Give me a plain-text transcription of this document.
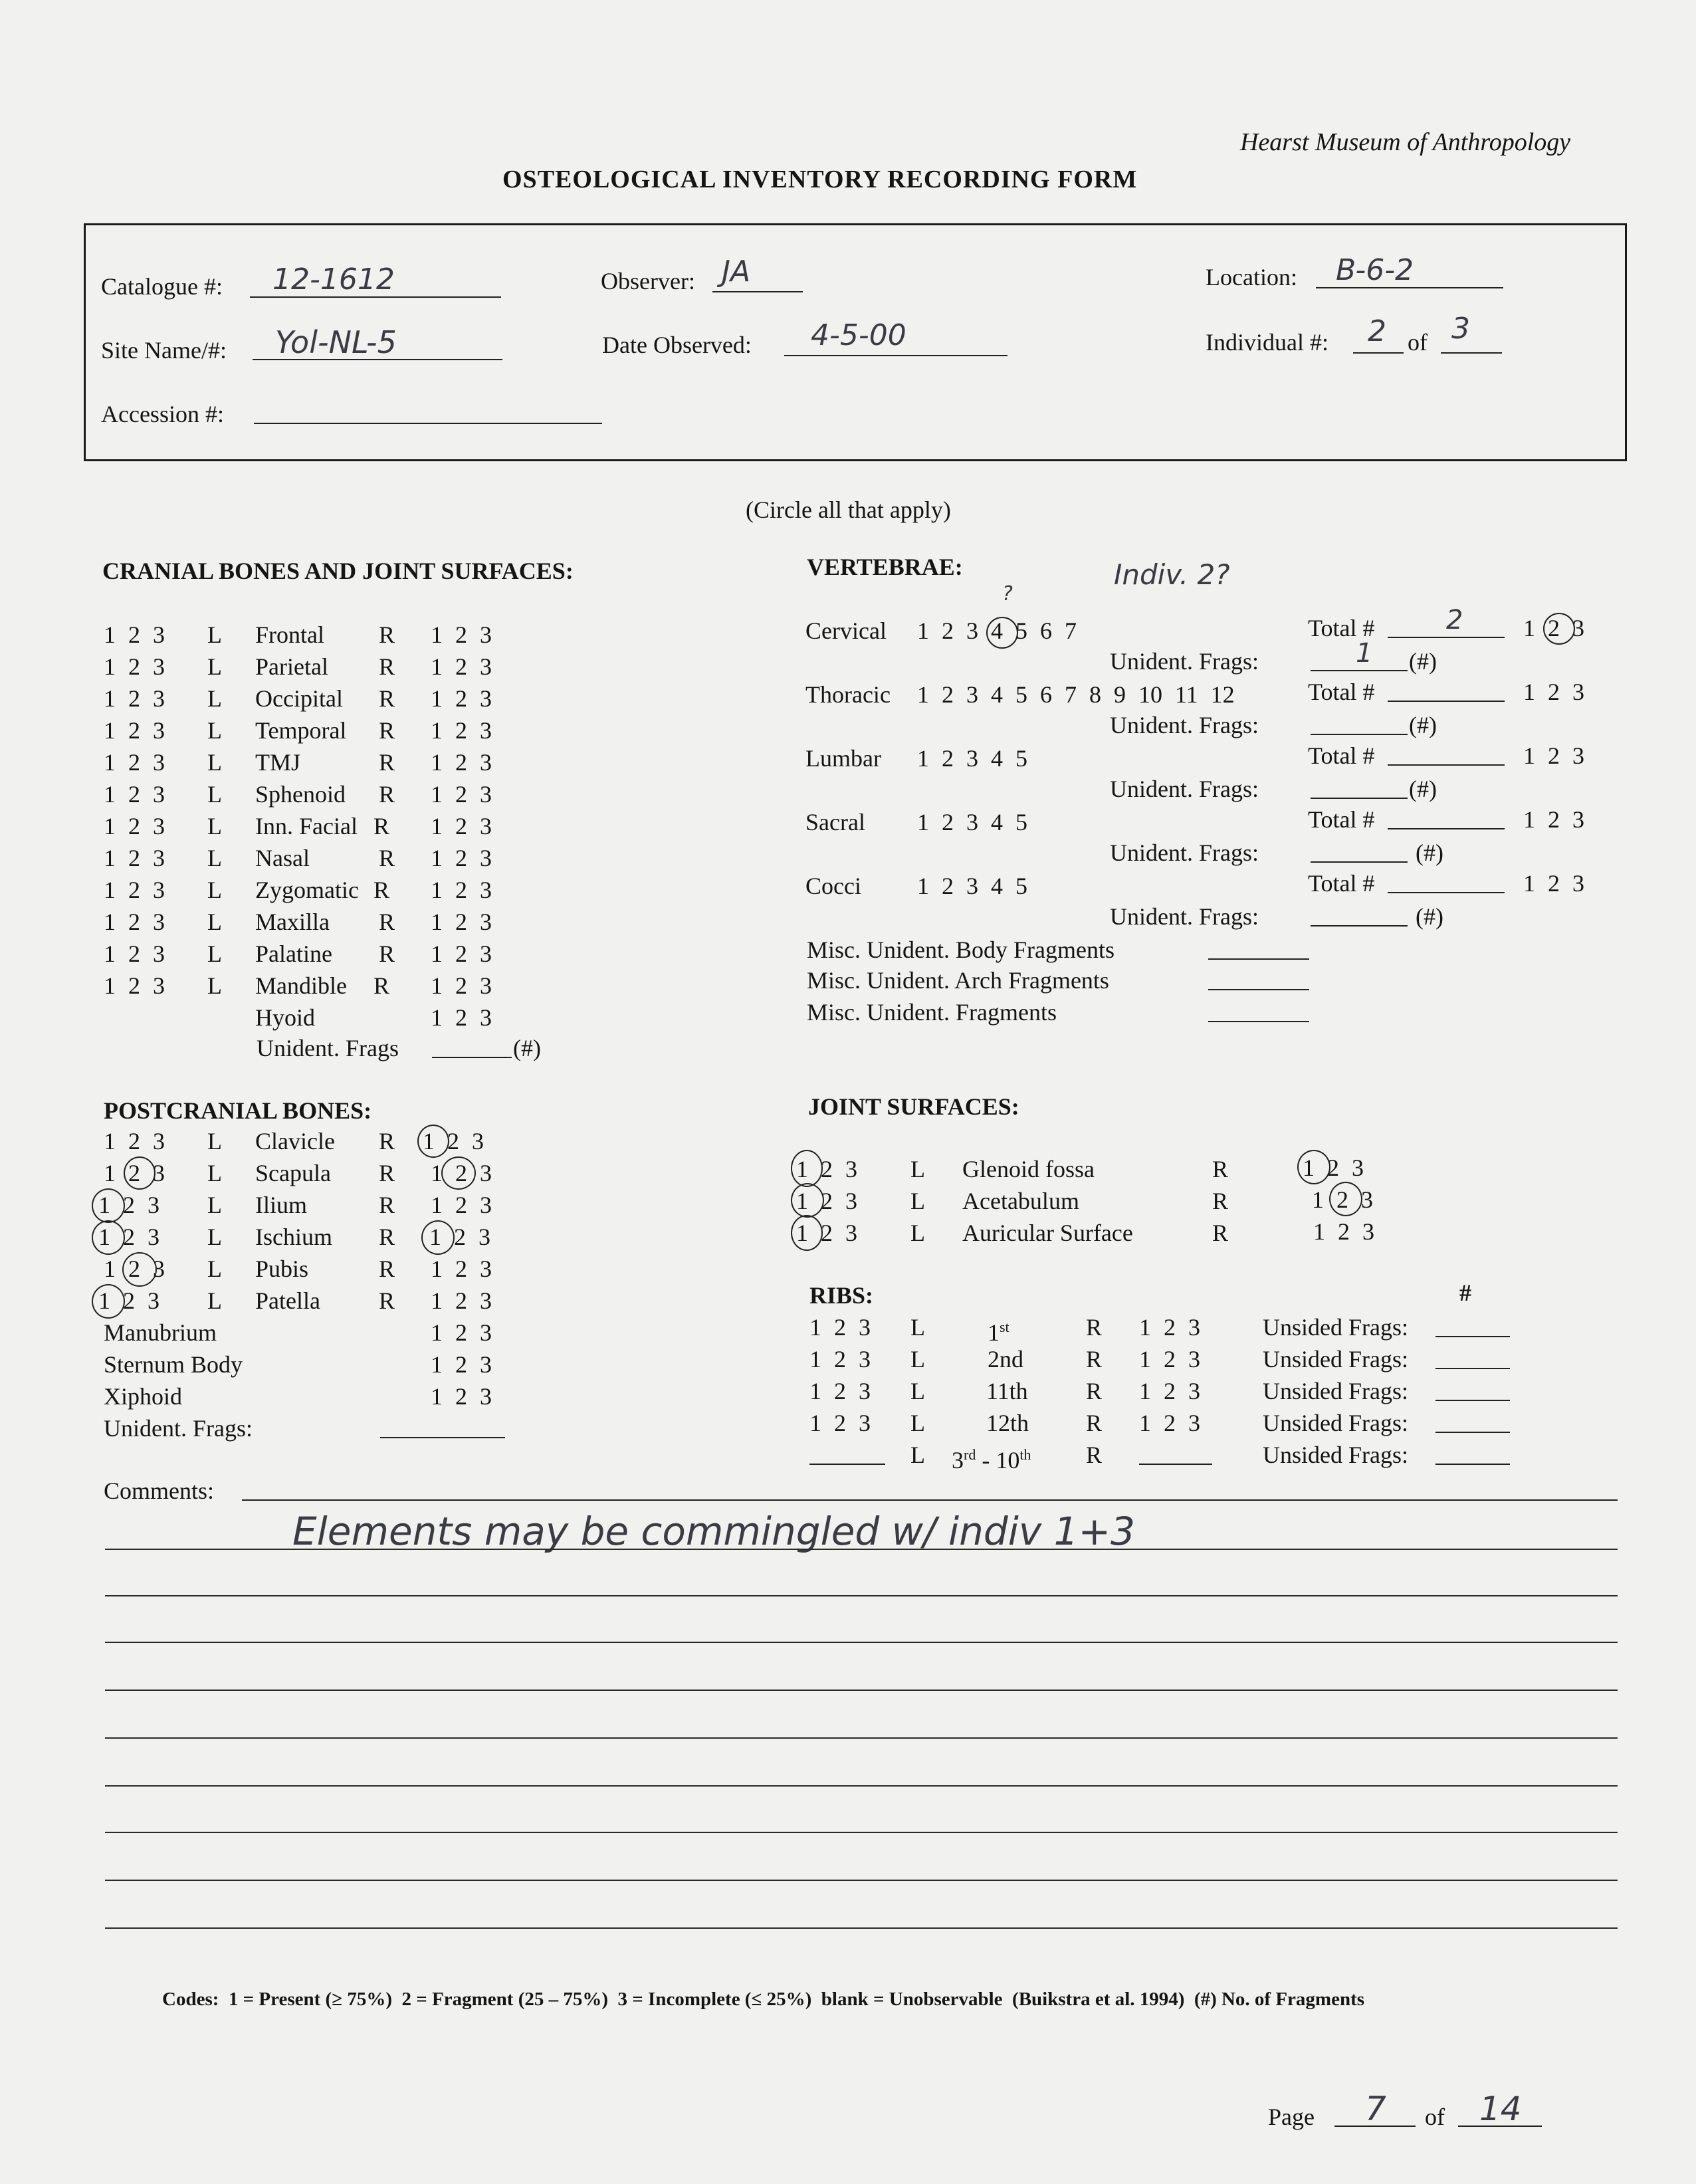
Hearst Museum of Anthropology
OSTEOLOGICAL INVENTORY RECORDING FORM
Catalogue #: 12-1612	Observer: JA	Location: B-6-2
Site Name/#: Yol-NL-5	Date Observed: 4-5-00	Individual #: 2 of 3
Accession #:
(Circle all that apply)
CRANIAL BONES AND JOINT SURFACES:
1 2 3 L Frontal R 1 2 3
1 2 3 L Parietal R 1 2 3
1 2 3 L Occipital R 1 2 3
1 2 3 L Temporal R 1 2 3
1 2 3 L TMJ	R 1 2 3
1 2 3 L Sphenoid R 1 2 3
1 2 3 L Inn. Facial R 1 2 3
1 2 3 L Nasal	R 1 2 3
1 2 3 L Zygomatic R 1 2 3
1 2 3 L Maxilla R 1 2 3
1 2 3 L Palatine R 1 2 3
1 2 3 L Mandible R 1 2 3
Hyoid	1 2 3
Unident. Frags	(#)
VERTEBRAE:	Indiv. 2?
?
Cervical 1 2 3 4 5 6 7	Total #	2	1 2 3
Unident. Frags:	1 (#)
Thoracic 1 2 3 4 5 6 7 8 9 10 11 12	Total #	1 2 3
Unident. Frags:	(#)
Lumbar 1 2 3 4 5	Total #	1 2 3
Unident. Frags:	(#)
Sacral 1 2 3 4 5	Total #	1 2 3
Unident. Frags:	(#)
Cocci 1 2 3 4 5	Total #	1 2 3
Unident. Frags:	(#)
Misc. Unident. Body Fragments
Misc. Unident. Arch Fragments
Misc. Unident. Fragments
POSTCRANIAL BONES:
1 2 3 L Clavicle R 1 2 3
1 2 3 L Scapula R 1 2 3
1 2 3 L Ilium	R 1 2 3
1 2 3 L Ischium R 1 2 3
1 2 3 L Pubis	R 1 2 3
1 2 3 L Patella R 1 2 3
Manubrium	1 2 3
Sternum Body	1 2 3
Xiphoid	1 2 3
Unident. Frags:
JOINT SURFACES:
1 2 3 L Glenoid fossa	R	1 2 3
1 2 3 L Acetabulum	R	1 2 3
1 2 3 L Auricular Surface	R	1 2 3
RIBS:	#
1 2 3 L	1st	R 1 2 3	Unsided Frags:
1 2 3 L	2nd	R 1 2 3	Unsided Frags:
1 2 3 L	11th R 1 2 3	Unsided Frags:
1 2 3 L	12th R 1 2 3	Unsided Frags:
L 3rd - 10th R	Unsided Frags:
Comments:
Elements may be commingled w/ indiv 1+3
Codes:  1 = Present (≥ 75%)  2 = Fragment (25 – 75%)  3 = Incomplete (≤ 25%)  blank = Unobservable  (Buikstra et al. 1994)  (#) No. of Fragments
Page 7 of 14
